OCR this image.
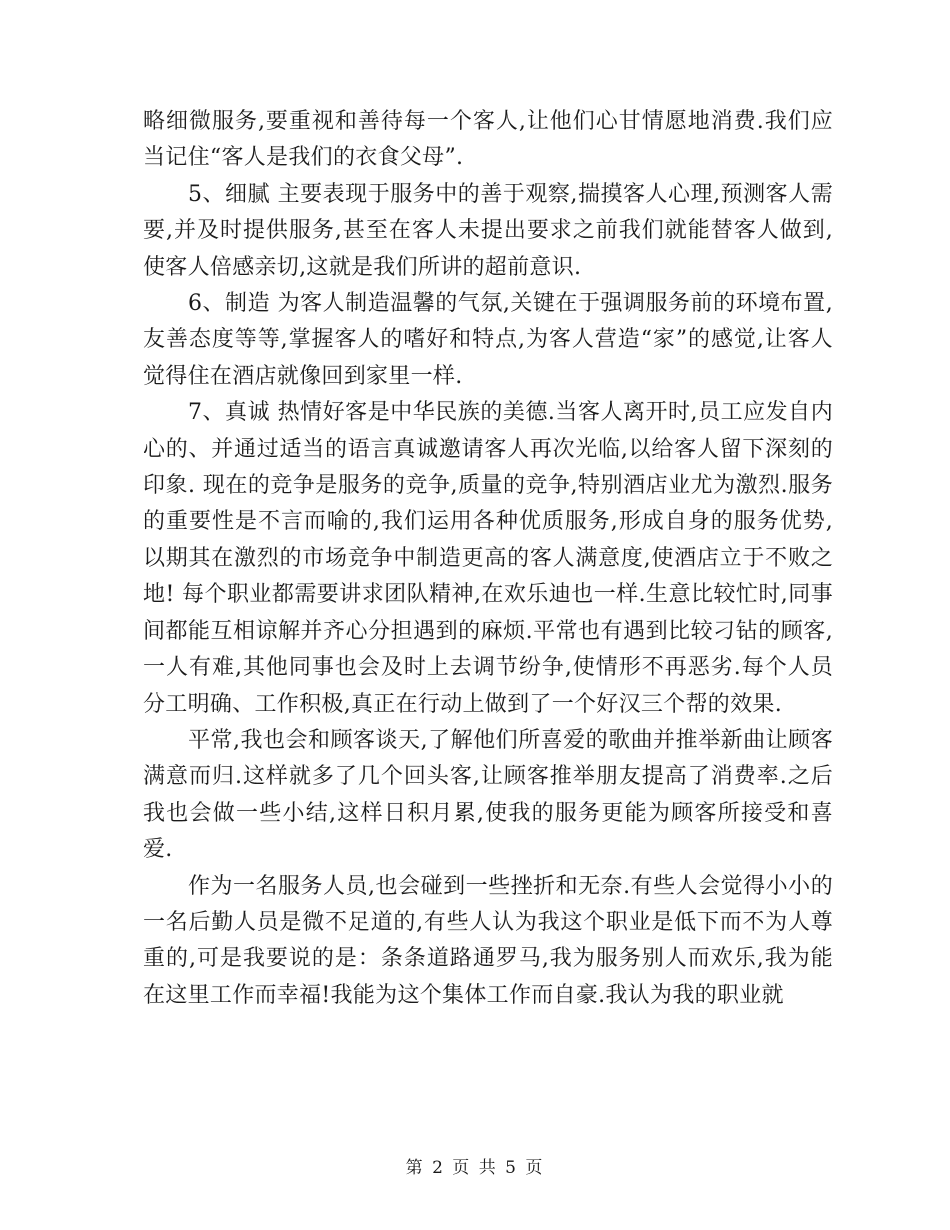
略细微服务,要重视和善待每一个客人,让他们心甘情愿地消费.我们应当记住“客人是我们的衣食父母”.

5、细腻 主要表现于服务中的善于观察,揣摸客人心理,预测客人需要,并及时提供服务,甚至在客人未提出要求之前我们就能替客人做到,使客人倍感亲切,这就是我们所讲的超前意识.

6、制造 为客人制造温馨的气氛,关键在于强调服务前的环境布置,友善态度等等,掌握客人的嗜好和特点,为客人营造“家”的感觉,让客人觉得住在酒店就像回到家里一样.

7、真诚 热情好客是中华民族的美德.当客人离开时,员工应发自内心的、并通过适当的语言真诚邀请客人再次光临,以给客人留下深刻的印象. 现在的竞争是服务的竞争,质量的竞争,特别酒店业尤为激烈.服务的重要性是不言而喻的,我们运用各种优质服务,形成自身的服务优势,以期其在激烈的市场竞争中制造更高的客人满意度,使酒店立于不败之地! 每个职业都需要讲求团队精神,在欢乐迪也一样.生意比较忙时,同事间都能互相谅解并齐心分担遇到的麻烦.平常也有遇到比较刁钻的顾客,一人有难,其他同事也会及时上去调节纷争,使情形不再恶劣.每个人员分工明确、工作积极,真正在行动上做到了一个好汉三个帮的效果.

平常,我也会和顾客谈天,了解他们所喜爱的歌曲并推举新曲让顾客满意而归.这样就多了几个回头客,让顾客推举朋友提高了消费率.之后我也会做一些小结,这样日积月累,使我的服务更能为顾客所接受和喜爱.

作为一名服务人员,也会碰到一些挫折和无奈.有些人会觉得小小的一名后勤人员是微不足道的,有些人认为我这个职业是低下而不为人尊重的,可是我要说的是：条条道路通罗马,我为服务别人而欢乐,我为能在这里工作而幸福!我能为这个集体工作而自豪.我认为我的职业就

第 2 页 共 5 页
